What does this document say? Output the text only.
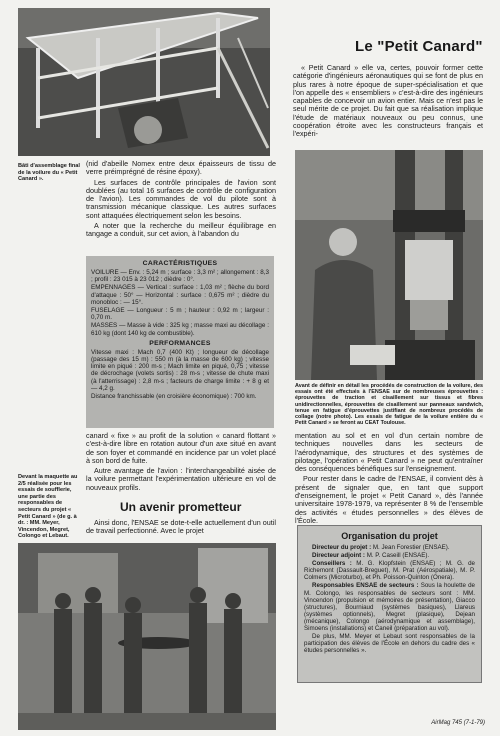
Le "Petit Canard"

« Petit Canard » elle va, certes, pouvoir former cette catégorie d'ingénieurs aéronautiques qui se font de plus en plus rares à notre époque de super-spécialisation et que l'on appelle des « ensembliers » c'est-à-dire des ingénieurs capables de concevoir un avion entier. Mais ce n'est pas le seul mérite de ce projet. Du fait que sa réalisation implique l'étude de matériaux nouveaux ou peu connus, une coopération étroite avec les constructeurs français et l'expéri-

Bâti d'assemblage final de la voilure du « Petit Canard ».

(nid d'abeille Nomex entre deux épaisseurs de tissu de verre préimprégné de résine époxy).

Les surfaces de contrôle principales de l'avion sont doublées (au total 16 surfaces de contrôle de configuration de l'avion). Les commandes de vol du pilote sont à transmission mécanique classique. Les autres surfaces sont attaquées électriquement selon les besoins.

A noter que la recherche du meilleur équilibrage en tangage a conduit, sur cet avion, à l'abandon du

CARACTÉRISTIQUES

VOILURE — Env. : 5,24 m ; surface : 3,3 m² ; allongement : 8,3 ; profil : 23 015 à 23 012 ; dièdre : 0°.

EMPENNAGES — Vertical : surface : 1,03 m² ; flèche du bord d'attaque : 50° — Horizontal : surface : 0,675 m² ; dièdre du monobloc : — 15°.

FUSELAGE — Longueur : 5 m ; hauteur : 0,92 m ; largeur : 0,70 m.

MASSES — Masse à vide : 325 kg ; masse maxi au décollage : 610 kg (dont 140 kg de combustible).

PERFORMANCES

Vitesse maxi : Mach 0,7 (400 Kt) ; longueur de décollage (passage des 15 m) : 550 m (à la masse de 600 kg) ; vitesse limite en piqué : 200 m-s ; Mach limite en piqué, 0,75 ; vitesse de décrochage (volets sortis) : 28 m-s ; vitesse de chute maxi (à l'atterrissage) : 2,8 m-s ; facteurs de charge limite : + 8 g et — 4,2 g.

Distance franchissable (en croisière économique) : 700 km.

canard « fixe » au profit de la solution « canard flottant » c'est-à-dire libre en rotation autour d'un axe situé en avant de son foyer et commandé en incidence par un volet placé à son bord de fuite.

Autre avantage de l'avion : l'interchangeabilité aisée de la voilure permettant l'expérimentation ultérieure en vol de nouveaux profils.

Devant la maquette au 2/5 réalisée pour les essais de soufflerie, une partie des responsables de secteurs du projet « Petit Canard » (de g. à dr. : MM. Meyer, Vincendon, Megret, Colongo et Lebaut.
Un avenir prometteur

Ainsi donc, l'ENSAE se dote-t-elle actuellement d'un outil de travail perfectionné. Avec le projet

Avant de définir en détail les procédés de construction de la voilure, des essais ont été effectués à l'ENSAE sur de nombreuses éprouvettes : éprouvettes de traction et cisaillement sur tissus et fibres unidirectionnelles, éprouvettes de cisaillement sur panneaux sandwich, tenue en fatigue d'éprouvettes justifiant de nombreux procédés de collage (notre photo). Les essais de fatigue de la voilure entière du « Petit Canard » se feront au CEAT Toulouse.

mentation au sol et en vol d'un certain nombre de techniques nouvelles dans les secteurs de l'aérodynamique, des structures et des systèmes de pilotage, l'opération « Petit Canard » ne peut qu'entraîner des conséquences bénéfiques sur l'enseignement.

Pour rester dans le cadre de l'ENSAE, il convient dès à présent de signaler que, en tant que support d'enseignement, le projet « Petit Canard », dès l'année universitaire 1978-1979, va représenter 8 % de l'ensemble des activités « études personnelles » des élèves de l'École.

Organisation du projet

Directeur du projet : M. Jean Forestier (ENSAE).

Directeur adjoint : M. P. Caseill (ENSAE).

Conseillers : M. G. Klopfstein (ENSAE) ; M. G. de Richemont (Dassault-Breguet), M. Prat (Aérospatiale), M. P. Colmers (Microturbo), et Ph. Poisson-Quinton (Onera).

Responsables ENSAE de secteurs : Sous la houlette de M. Colongo, les responsables de secteurs sont : MM. Vincendon (propulsion et mémoires de présentation), Giacco (structures), Bourniaud (systèmes basiques), Llareus (systèmes optionnels), Megret (plasique), Dejean (mécanique), Colongo (aérodynamique et assemblage), Simoens (installations) et Caneil (préparation au vol).

De plus, MM. Meyer et Lebaut sont responsables de la participation des élèves de l'École en dehors du cadre des « études personnelles ».

AirMag 745 (7-1-79)
